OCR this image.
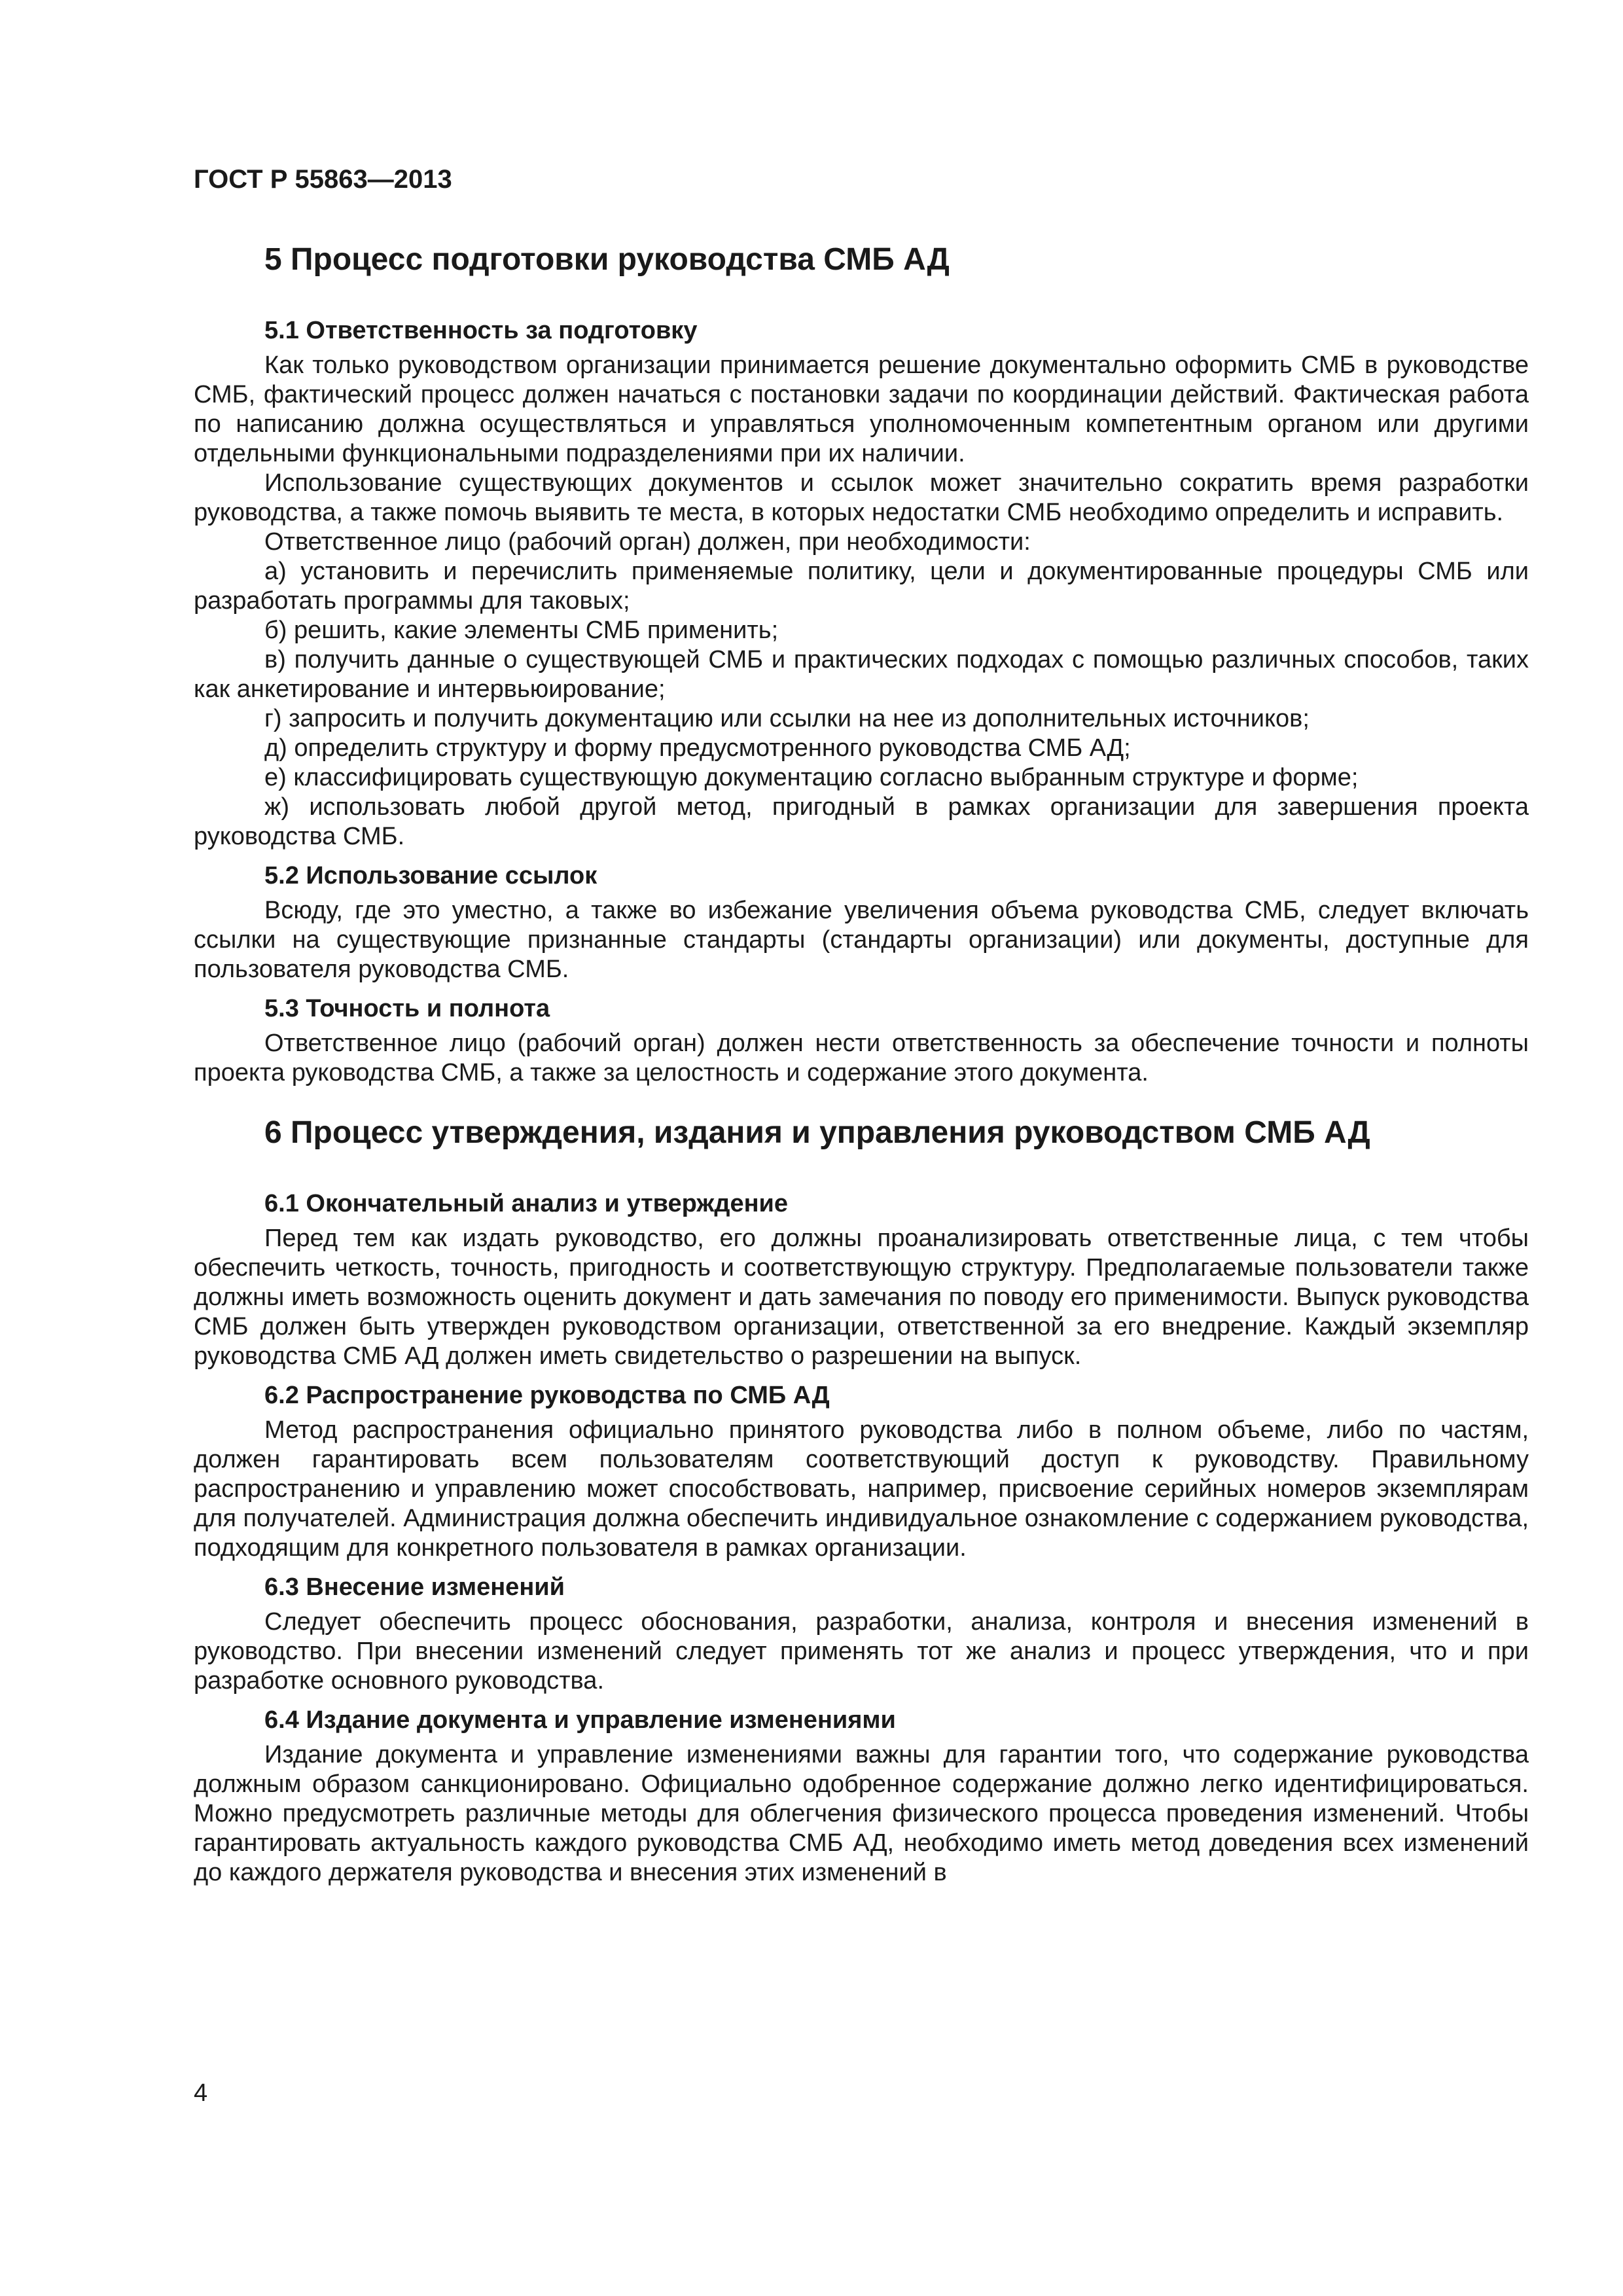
ГОСТ Р 55863—2013
5 Процесс подготовки руководства СМБ АД
5.1 Ответственность за подготовку

Как только руководством организации принимается решение документально оформить СМБ в руководстве СМБ, фактический процесс должен начаться с постановки задачи по координации действий. Фактическая работа по написанию должна осуществляться и управляться уполномоченным компетентным органом или другими отдельными функциональными подразделениями при их наличии.

Использование существующих документов и ссылок может значительно сократить время разработки руководства, а также помочь выявить те места, в которых недостатки СМБ необходимо определить и исправить.

Ответственное лицо (рабочий орган) должен, при необходимости:

а) установить и перечислить применяемые политику, цели и документированные процедуры СМБ или разработать программы для таковых;

б) решить, какие элементы СМБ применить;

в) получить данные о существующей СМБ и практических подходах с помощью различных способов, таких как анкетирование и интервьюирование;

г) запросить и получить документацию или ссылки на нее из дополнительных источников;

д) определить структуру и форму предусмотренного руководства СМБ АД;

е) классифицировать существующую документацию согласно выбранным структуре и форме;

ж) использовать любой другой метод, пригодный в рамках организации для завершения проекта руководства СМБ.

5.2 Использование ссылок

Всюду, где это уместно, а также во избежание увеличения объема руководства СМБ, следует включать ссылки на существующие признанные стандарты (стандарты организации) или документы, доступные для пользователя руководства СМБ.

5.3 Точность и полнота

Ответственное лицо (рабочий орган) должен нести ответственность за обеспечение точности и полноты проекта руководства СМБ, а также за целостность и содержание этого документа.

6 Процесс утверждения, издания и управления руководством СМБ АД
6.1 Окончательный анализ и утверждение

Перед тем как издать руководство, его должны проанализировать ответственные лица, с тем чтобы обеспечить четкость, точность, пригодность и соответствующую структуру. Предполагаемые пользователи также должны иметь возможность оценить документ и дать замечания по поводу его применимости. Выпуск руководства СМБ должен быть утвержден руководством организации, ответственной за его внедрение. Каждый экземпляр руководства СМБ АД должен иметь свидетельство о разрешении на выпуск.

6.2 Распространение руководства по СМБ АД

Метод распространения официально принятого руководства либо в полном объеме, либо по частям, должен гарантировать всем пользователям соответствующий доступ к руководству. Правильному распространению и управлению может способствовать, например, присвоение серийных номеров экземплярам для получателей. Администрация должна обеспечить индивидуальное ознакомление с содержанием руководства, подходящим для конкретного пользователя в рамках организации.

6.3 Внесение изменений

Следует обеспечить процесс обоснования, разработки, анализа, контроля и внесения изменений в руководство. При внесении изменений следует применять тот же анализ и процесс утверждения, что и при разработке основного руководства.

6.4 Издание документа и управление изменениями

Издание документа и управление изменениями важны для гарантии того, что содержание руководства должным образом санкционировано. Официально одобренное содержание должно легко идентифицироваться. Можно предусмотреть различные методы для облегчения физического процесса проведения изменений. Чтобы гарантировать актуальность каждого руководства СМБ АД, необходимо иметь метод доведения всех изменений до каждого держателя руководства и внесения этих изменений в

4
